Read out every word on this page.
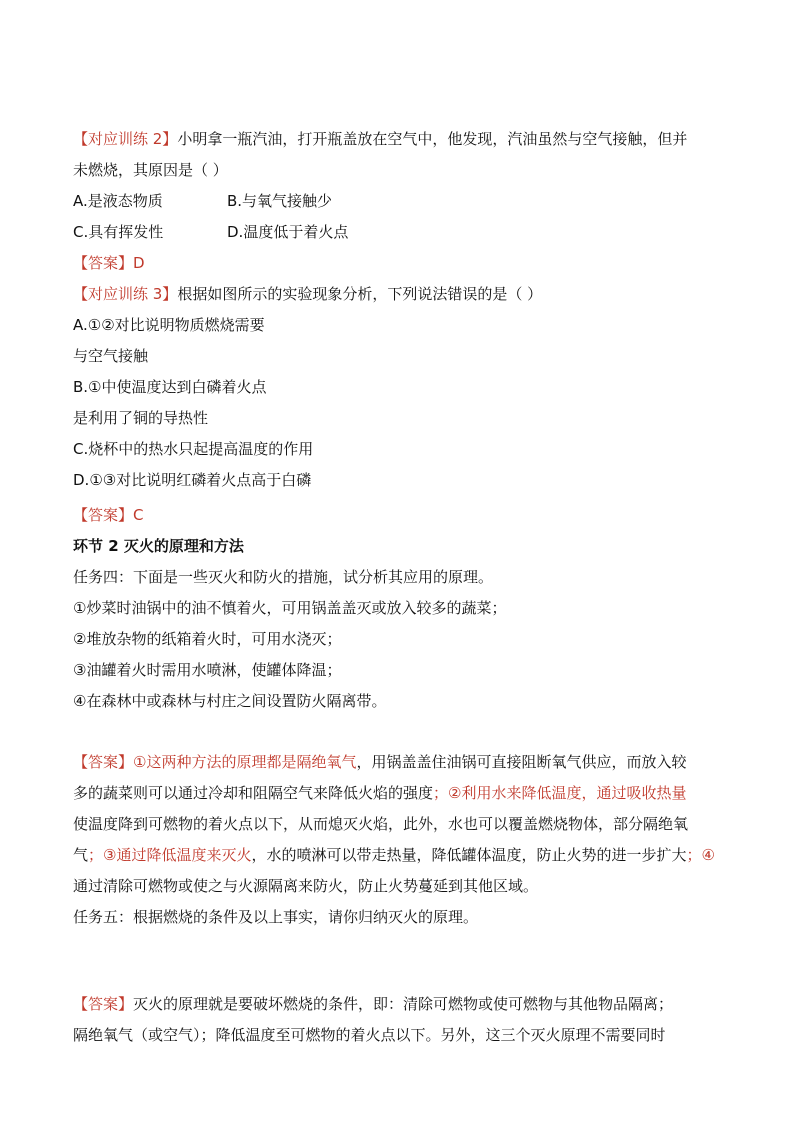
【对应训练 2】小明拿一瓶汽油，打开瓶盖放在空气中，他发现，汽油虽然与空气接触，但并
未燃烧，其原因是（ ）
A.是液态物质	B.与氧气接触少
C.具有挥发性	D.温度低于着火点
【答案】D
【对应训练 3】根据如图所示的实验现象分析，下列说法错误的是（ ）
A.①②对比说明物质燃烧需要
与空气接触
B.①中使温度达到白磷着火点
是利用了铜的导热性
C.烧杯中的热水只起提高温度的作用
D.①③对比说明红磷着火点高于白磷
【答案】C
环节 2 灭火的原理和方法
任务四：下面是一些灭火和防火的措施，试分析其应用的原理。
①炒菜时油锅中的油不慎着火，可用锅盖盖灭或放入较多的蔬菜；
②堆放杂物的纸箱着火时，可用水浇灭；
③油罐着火时需用水喷淋，使罐体降温；
④在森林中或森林与村庄之间设置防火隔离带。
【答案】①这两种方法的原理都是隔绝氧气，用锅盖盖住油锅可直接阻断氧气供应，而放入较
多的蔬菜则可以通过冷却和阻隔空气来降低火焰的强度；②利用水来降低温度，通过吸收热量
使温度降到可燃物的着火点以下，从而熄灭火焰，此外，水也可以覆盖燃烧物体，部分隔绝氧
气；③通过降低温度来灭火，水的喷淋可以带走热量，降低罐体温度，防止火势的进一步扩大；④
通过清除可燃物或使之与火源隔离来防火，防止火势蔓延到其他区域。
任务五：根据燃烧的条件及以上事实，请你归纳灭火的原理。
【答案】灭火的原理就是要破坏燃烧的条件，即：清除可燃物或使可燃物与其他物品隔离；
隔绝氧气（或空气）；降低温度至可燃物的着火点以下。另外，这三个灭火原理不需要同时
